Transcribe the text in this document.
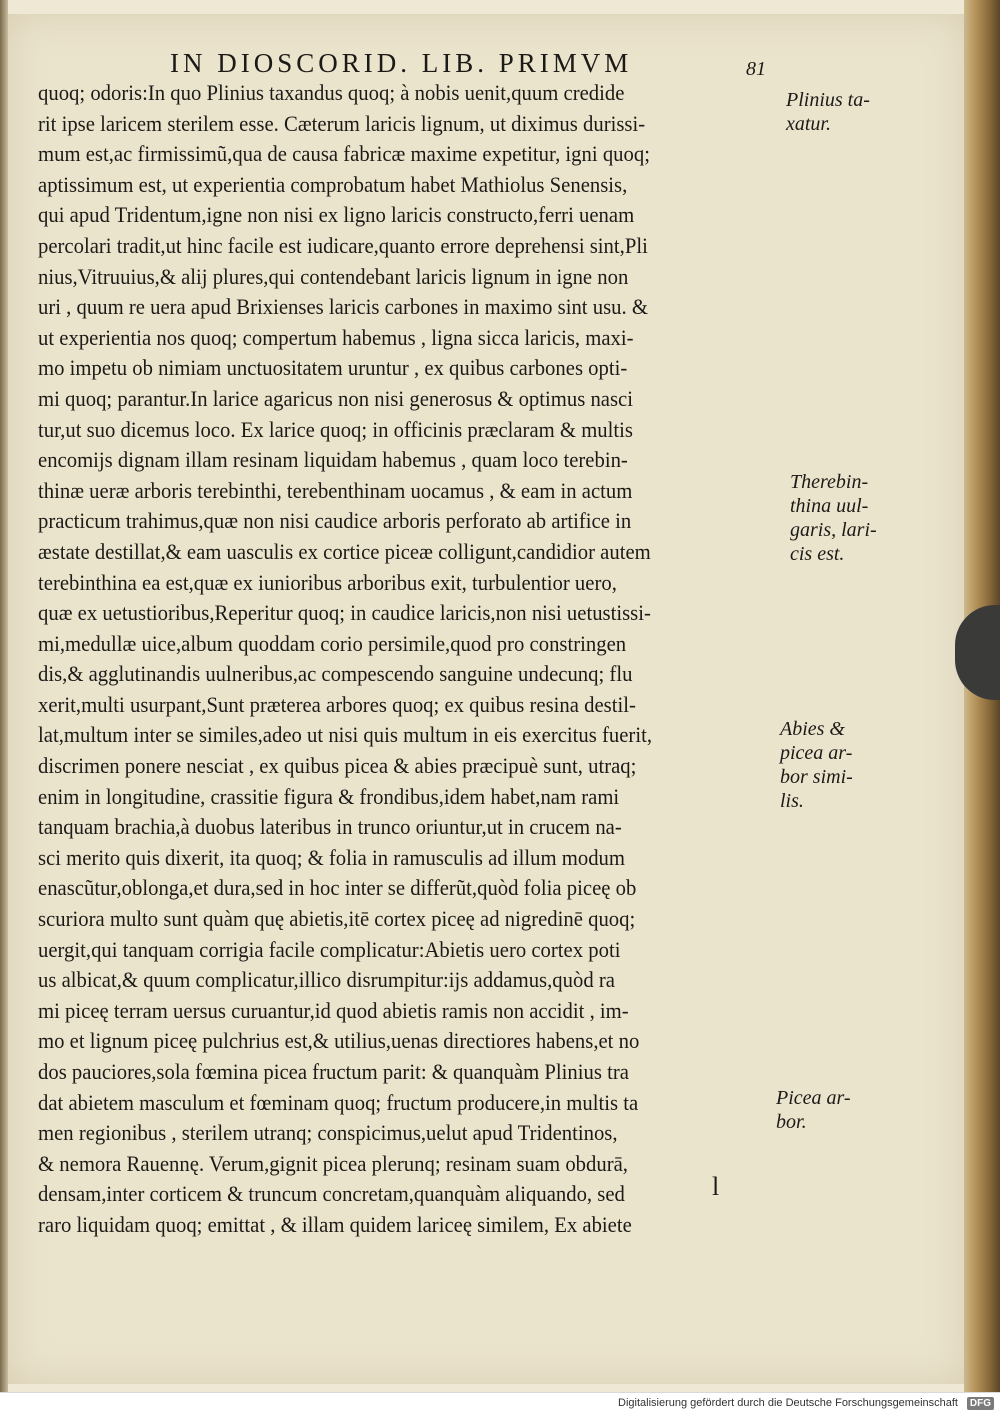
IN DIOSCORID. LIB. PRIMVM	81
quoq; odoris:In quo Plinius taxandus quoq; à nobis uenit,quum credide
rit ipse laricem sterilem esse. Cæterum laricis lignum, ut diximus durissi-
mum est,ac firmissimũ,qua de causa fabricæ maxime expetitur, igni quoq;
aptissimum est, ut experientia comprobatum habet Mathiolus Senensis,
qui apud Tridentum,igne non nisi ex ligno laricis constructo,ferri uenam
percolari tradit,ut hinc facile est iudicare,quanto errore deprehensi sint,Pli
nius,Vitruuius,& alij plures,qui contendebant laricis lignum in igne non
uri , quum re uera apud Brixienses laricis carbones in maximo sint usu. &
ut experientia nos quoq; compertum habemus , ligna sicca laricis, maxi-
mo impetu ob nimiam unctuositatem uruntur , ex quibus carbones opti-
mi quoq; parantur.In larice agaricus non nisi generosus & optimus nasci
tur,ut suo dicemus loco. Ex larice quoq; in officinis præclaram & multis
encomijs dignam illam resinam liquidam habemus , quam loco terebin-
thinæ ueræ arboris terebinthi, terebenthinam uocamus , & eam in actum
practicum trahimus,quæ non nisi caudice arboris perforato ab artifice in
æstate destillat,& eam uasculis ex cortice piceæ colligunt,candidior autem
terebinthina ea est,quæ ex iunioribus arboribus exit, turbulentior uero,
quæ ex uetustioribus,Reperitur quoq; in caudice laricis,non nisi uetustissi-
mi,medullæ uice,album quoddam corio persimile,quod pro constringen
dis,& agglutinandis uulneribus,ac compescendo sanguine undecunq; flu
xerit,multi usurpant,Sunt præterea arbores quoq; ex quibus resina destil-
lat,multum inter se similes,adeo ut nisi quis multum in eis exercitus fuerit,
discrimen ponere nesciat , ex quibus picea & abies præcipuè sunt, utraq;
enim in longitudine, crassitie figura & frondibus,idem habet,nam rami
tanquam brachia,à duobus lateribus in trunco oriuntur,ut in crucem na-
sci merito quis dixerit, ita quoq; & folia in ramusculis ad illum modum
enascũtur,oblonga,et dura,sed in hoc inter se differũt,quòd folia piceę ob
scuriora multo sunt quàm quę abietis,itē cortex piceę ad nigredinē quoq;
uergit,qui tanquam corrigia facile complicatur:Abietis uero cortex poti
us albicat,& quum complicatur,illico disrumpitur:ijs addamus,quòd ra
mi piceę terram uersus curuantur,id quod abietis ramis non accidit , im-
mo et lignum piceę pulchrius est,& utilius,uenas directiores habens,et no
dos pauciores,sola fœmina picea fructum parit: & quanquàm Plinius tra
dat abietem masculum et fœminam quoq; fructum producere,in multis ta
men regionibus , sterilem utranq; conspicimus,uelut apud Tridentinos,
& nemora Rauennę. Verum,gignit picea plerunq; resinam suam obdurā,
densam,inter corticem & truncum concretam,quanquàm aliquando, sed
raro liquidam quoq; emittat , & illam quidem lariceę similem, Ex abiete
Plinius ta-
xatur.
Therebin-
thina uul-
garis, lari-
cis est.
Abies &
picea ar-
bor simi-
lis.
Picea ar-
bor.
l
Digitalisierung gefördert durch die Deutsche Forschungsgemeinschaft	DFG
